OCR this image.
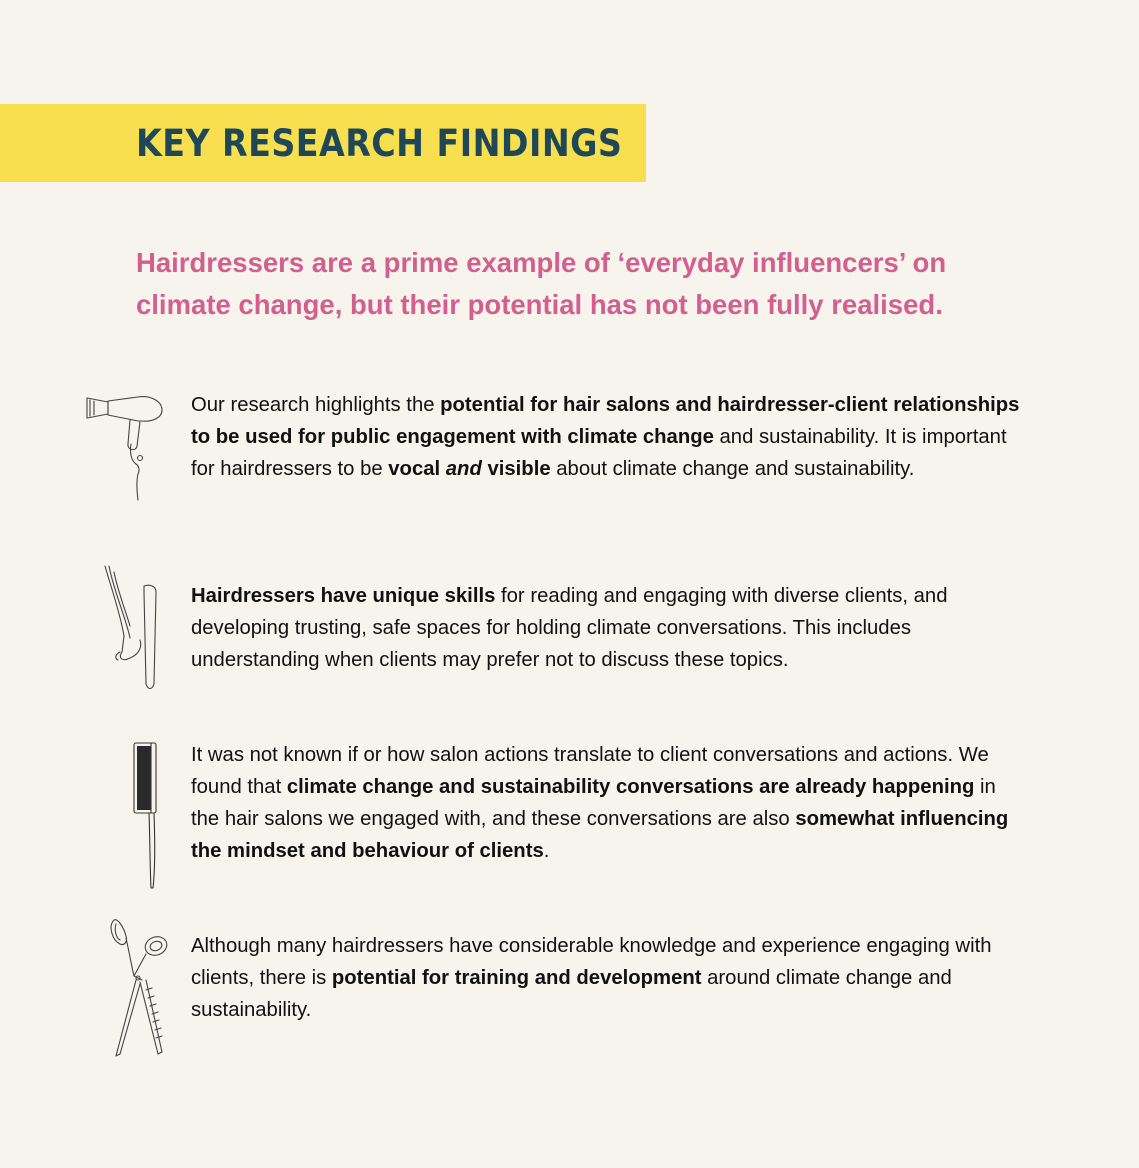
KEY RESEARCH FINDINGS

Hairdressers are a prime example of ‘everyday influencers’ on
climate change, but their potential has not been fully realised.

Our research highlights the potential for hair salons and hairdresser-client relationships to be used for public engagement with climate change and sustainability. It is important for hairdressers to be vocal and visible about climate change and sustainability.

Hairdressers have unique skills for reading and engaging with diverse clients, and developing trusting, safe spaces for holding climate conversations. This includes understanding when clients may prefer not to discuss these topics.

It was not known if or how salon actions translate to client conversations and actions. We found that climate change and sustainability conversations are already happening in the hair salons we engaged with, and these conversations are also somewhat influencing the mindset and behaviour of clients.

Although many hairdressers have considerable knowledge and experience engaging with clients, there is potential for training and development around climate change and sustainability.
